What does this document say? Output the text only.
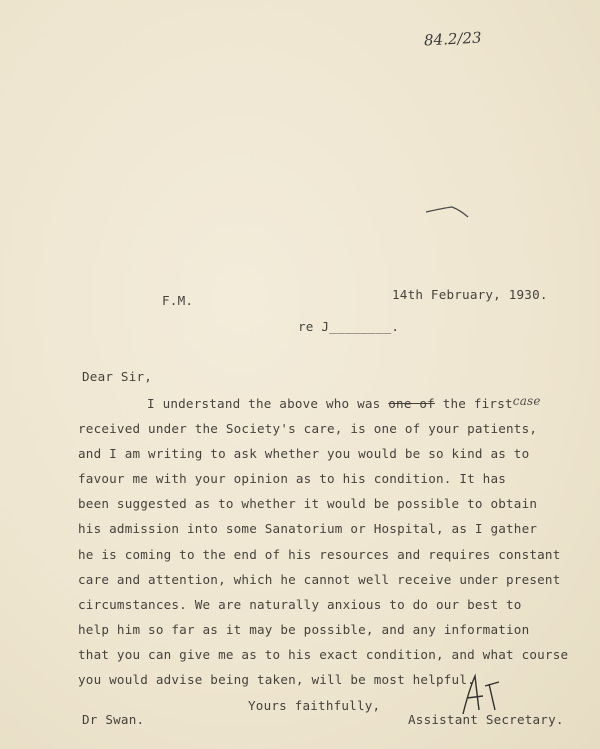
84.2/23
14th February, 1930.
F.M.
re J________.
Dear Sir,
I understand the above who was one of the firstcase
received under the Society's care, is one of your patients,
and I am writing to ask whether you would be so kind as to
favour me with your opinion as to his condition. It has
been suggested as to whether it would be possible to obtain
his admission into some Sanatorium or Hospital, as I gather
he is coming to the end of his resources and requires constant
care and attention, which he cannot well receive under present
circumstances. We are naturally anxious to do our best to
help him so far as it may be possible, and any information
that you can give me as to his exact condition, and what course
you would advise being taken, will be most helpful.
Yours faithfully,
Dr Swan.	Assistant Secretary.
